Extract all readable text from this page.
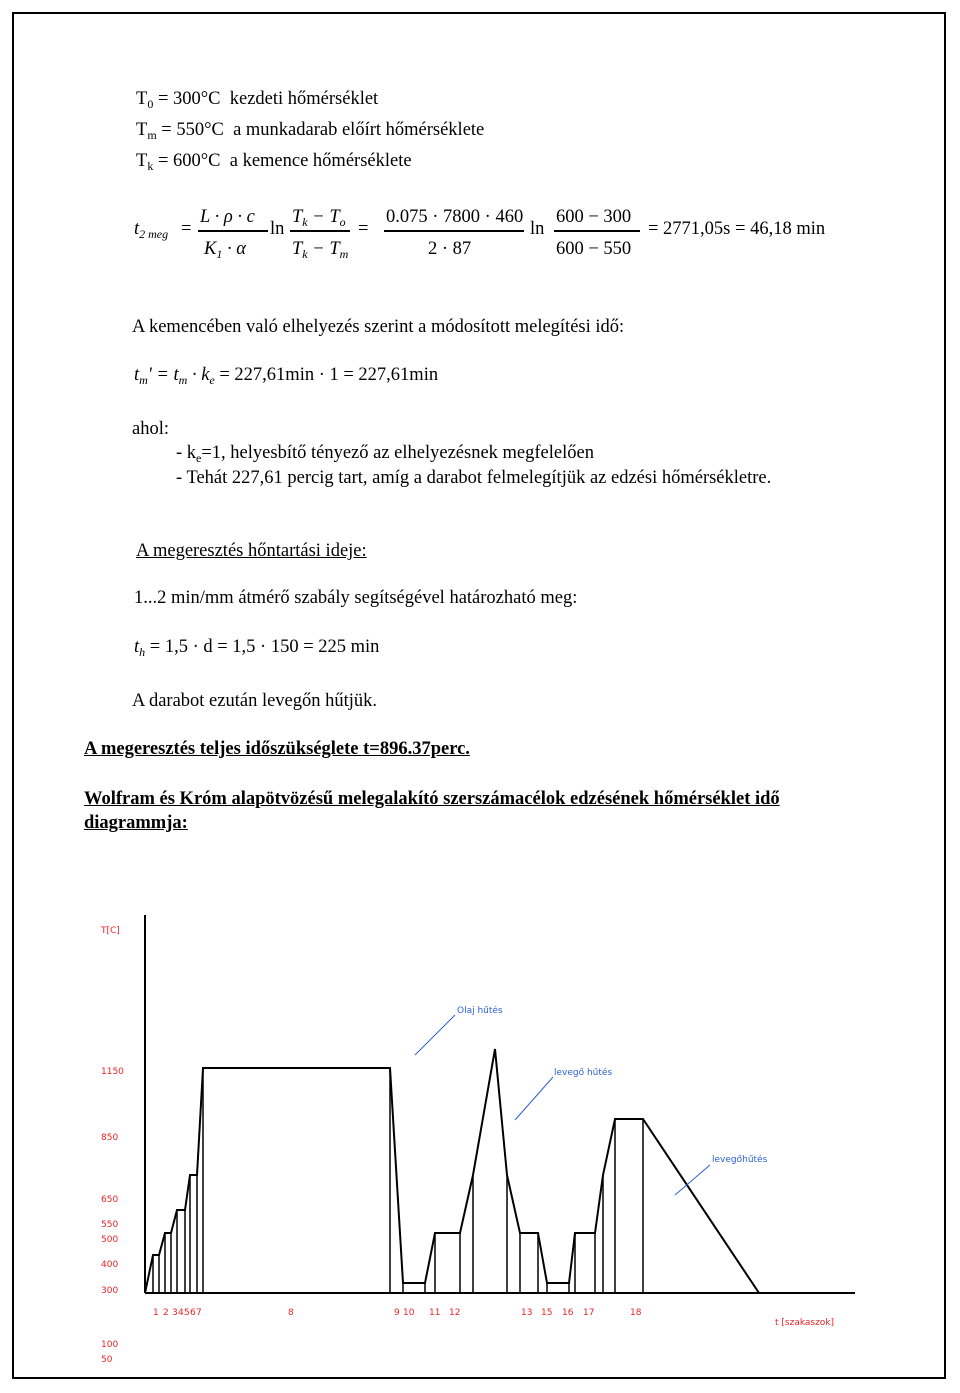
$T_0 = 300^\circ C$ kezdeti hőmérséklet
$T_m = 550^\circ C$ a munkadarab előírt hőmérséklete
$T_k = 600^\circ C$ a kemence hőmérséklete
$t_{2 meg}$ =
L · ρ · c
$K_1 \cdot \alpha$
ln
$T_k - T_o$
$T_k - T_m$
=
0.075 · 7800 · 460
2 · 87
ln
600 − 300
600 − 550
= 2771,05s = 46,18 min
A kemencében való elhelyezés szerint a módosított melegítési idő:
$t_m' = t_m \cdot k_e = 227,61\min \cdot 1 = 227,61\min$
ahol:
- $k_e=1$, helyesbítő tényező az elhelyezésnek megfelelően
- Tehát 227,61 percig tart, amíg a darabot felmelegítjük az edzési hőmérsékletre.
A megeresztés hőntartási ideje:
1...2 min/mm átmérő szabály segítségével határozható meg:
$t_h = 1,5 \cdot d = 1,5 \cdot 150 = 225$ min
A darabot ezután levegőn hűtjük.
A megeresztés teljes időszükséglete t=896.37perc.
Wolfram és Króm alapötvözésű melegalakító szerszámacélok edzésének hőmérséklet idő
diagrammja:
T[C]
t [szakaszok]
1150
850
650
550
500
400
300
100
50
1 2 3 4 5 6 7	8	9 10 11 12	13 15 16 17	18
Olaj hűtés
levegő hűtés
levegőhűtés
